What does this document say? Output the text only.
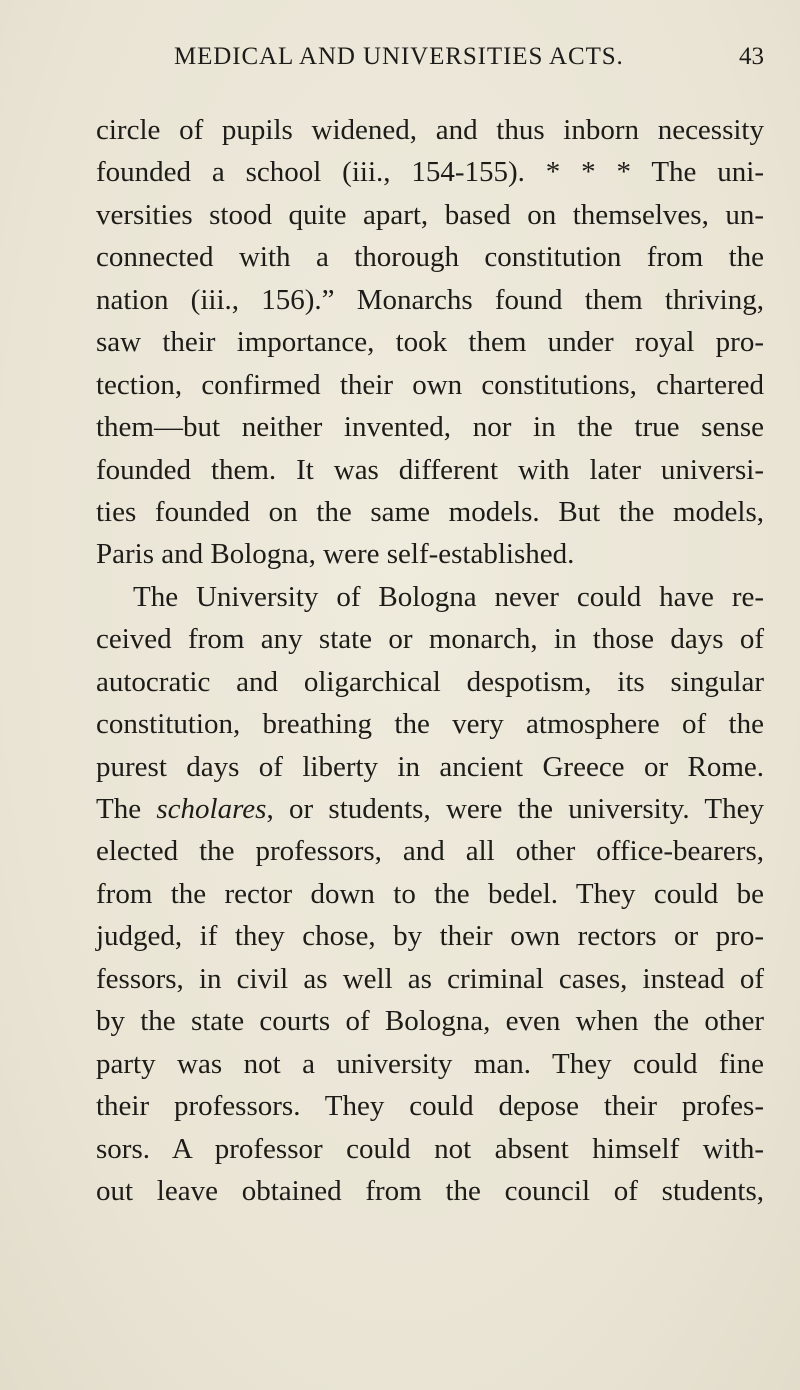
MEDICAL AND UNIVERSITIES ACTS.	43
circle of pupils widened, and thus inborn necessity
founded a school (iii., 154-155). * * * The uni-
versities stood quite apart, based on themselves, un-
connected with a thorough constitution from the
nation (iii., 156).” Monarchs found them thriving,
saw their importance, took them under royal pro-
tection, confirmed their own constitutions, chartered
them—but neither invented, nor in the true sense
founded them. It was different with later universi-
ties founded on the same models. But the models,
Paris and Bologna, were self-established.
The University of Bologna never could have re-
ceived from any state or monarch, in those days of
autocratic and oligarchical despotism, its singular
constitution, breathing the very atmosphere of the
purest days of liberty in ancient Greece or Rome.
The scholares, or students, were the university. They
elected the professors, and all other office-bearers,
from the rector down to the bedel. They could be
judged, if they chose, by their own rectors or pro-
fessors, in civil as well as criminal cases, instead of
by the state courts of Bologna, even when the other
party was not a university man. They could fine
their professors. They could depose their profes-
sors. A professor could not absent himself with-
out leave obtained from the council of students,
